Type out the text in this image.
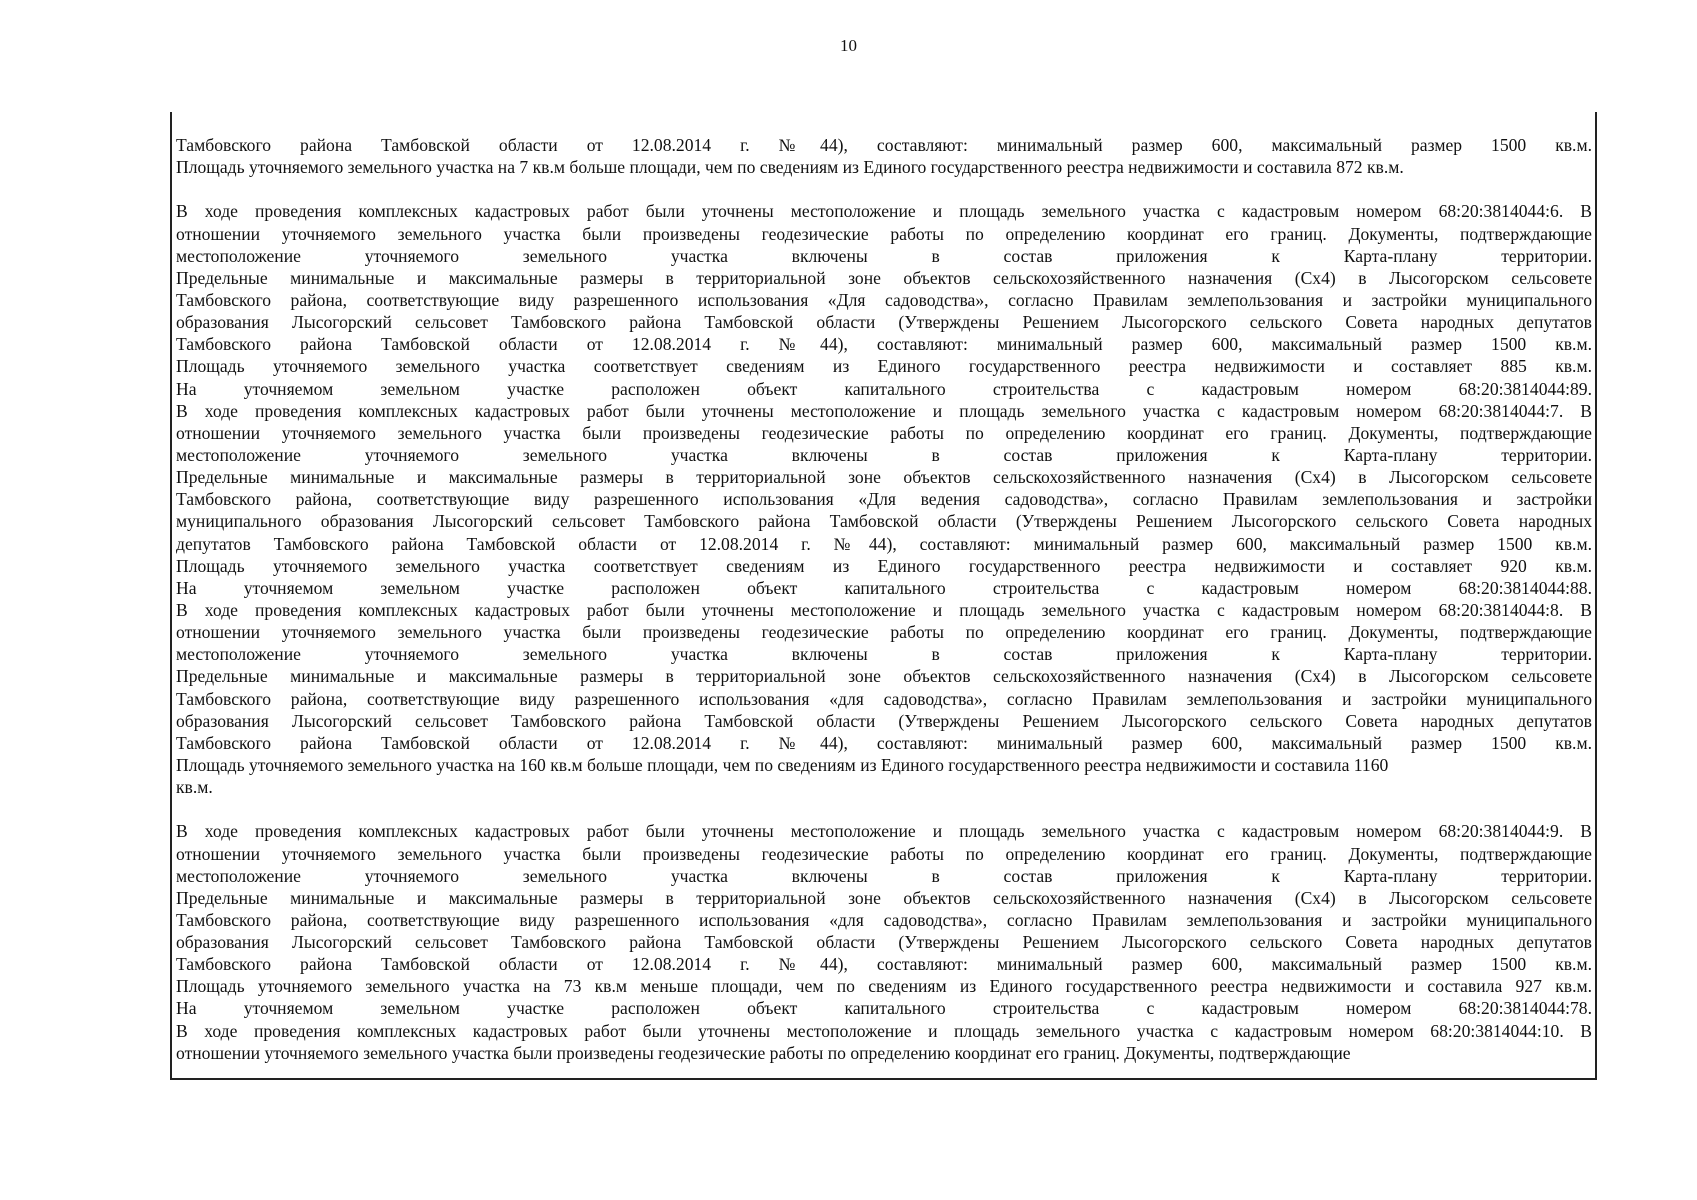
10
Тамбовского района Тамбовской области от 12.08.2014 г. №44), составляют: минимальный размер 600, максимальный размер 1500 кв.м.
Площадь уточняемого земельного участка на 7 кв.м больше площади, чем по сведениям из Единого государственного реестра недвижимости и составила 872 кв.м.
В ходе проведения комплексных кадастровых работ были уточнены местоположение и площадь земельного участка с кадастровым номером 68:20:3814044:6. В
отношении уточняемого земельного участка были произведены геодезические работы по определению координат его границ. Документы, подтверждающие
местоположение уточняемого земельного участка включены в состав приложения к Карта-плану территории.
Предельные минимальные и максимальные размеры в территориальной зоне объектов сельскохозяйственного назначения (Сх4) в Лысогорском сельсовете
Тамбовского района, соответствующие виду разрешенного использования «Для садоводства», согласно Правилам землепользования и застройки муниципального
образования Лысогорский сельсовет Тамбовского района Тамбовской области (Утверждены Решением Лысогорского сельского Совета народных депутатов
Тамбовского района Тамбовской области от 12.08.2014 г. №44), составляют: минимальный размер 600, максимальный размер 1500 кв.м.
Площадь уточняемого земельного участка соответствует сведениям из Единого государственного реестра недвижимости и составляет 885 кв.м.
На уточняемом земельном участке расположен объект капитального строительства с кадастровым номером 68:20:3814044:89.
В ходе проведения комплексных кадастровых работ были уточнены местоположение и площадь земельного участка с кадастровым номером 68:20:3814044:7. В
отношении уточняемого земельного участка были произведены геодезические работы по определению координат его границ. Документы, подтверждающие
местоположение уточняемого земельного участка включены в состав приложения к Карта-плану территории.
Предельные минимальные и максимальные размеры в территориальной зоне объектов сельскохозяйственного назначения (Сх4) в Лысогорском сельсовете
Тамбовского района, соответствующие виду разрешенного использования «Для ведения садоводства», согласно Правилам землепользования и застройки
муниципального образования Лысогорский сельсовет Тамбовского района Тамбовской области (Утверждены Решением Лысогорского сельского Совета народных
депутатов Тамбовского района Тамбовской области от 12.08.2014 г. №44), составляют: минимальный размер 600, максимальный размер 1500 кв.м.
Площадь уточняемого земельного участка соответствует сведениям из Единого государственного реестра недвижимости и составляет 920 кв.м.
На уточняемом земельном участке расположен объект капитального строительства с кадастровым номером 68:20:3814044:88.
В ходе проведения комплексных кадастровых работ были уточнены местоположение и площадь земельного участка с кадастровым номером 68:20:3814044:8. В
отношении уточняемого земельного участка были произведены геодезические работы по определению координат его границ. Документы, подтверждающие
местоположение уточняемого земельного участка включены в состав приложения к Карта-плану территории.
Предельные минимальные и максимальные размеры в территориальной зоне объектов сельскохозяйственного назначения (Сх4) в Лысогорском сельсовете
Тамбовского района, соответствующие виду разрешенного использования «для садоводства», согласно Правилам землепользования и застройки муниципального
образования Лысогорский сельсовет Тамбовского района Тамбовской области (Утверждены Решением Лысогорского сельского Совета народных депутатов
Тамбовского района Тамбовской области от 12.08.2014 г. №44), составляют: минимальный размер 600, максимальный размер 1500 кв.м.
Площадь уточняемого земельного участка на 160 кв.м больше площади, чем по сведениям из Единого государственного реестра недвижимости и составила 1160
кв.м.
В ходе проведения комплексных кадастровых работ были уточнены местоположение и площадь земельного участка с кадастровым номером 68:20:3814044:9. В
отношении уточняемого земельного участка были произведены геодезические работы по определению координат его границ. Документы, подтверждающие
местоположение уточняемого земельного участка включены в состав приложения к Карта-плану территории.
Предельные минимальные и максимальные размеры в территориальной зоне объектов сельскохозяйственного назначения (Сх4) в Лысогорском сельсовете
Тамбовского района, соответствующие виду разрешенного использования «для садоводства», согласно Правилам землепользования и застройки муниципального
образования Лысогорский сельсовет Тамбовского района Тамбовской области (Утверждены Решением Лысогорского сельского Совета народных депутатов
Тамбовского района Тамбовской области от 12.08.2014 г. №44), составляют: минимальный размер 600, максимальный размер 1500 кв.м.
Площадь уточняемого земельного участка на 73 кв.м меньше площади, чем по сведениям из Единого государственного реестра недвижимости и составила 927 кв.м.
На уточняемом земельном участке расположен объект капитального строительства с кадастровым номером 68:20:3814044:78.
В ходе проведения комплексных кадастровых работ были уточнены местоположение и площадь земельного участка с кадастровым номером 68:20:3814044:10. В
отношении уточняемого земельного участка были произведены геодезические работы по определению координат его границ. Документы, подтверждающие
